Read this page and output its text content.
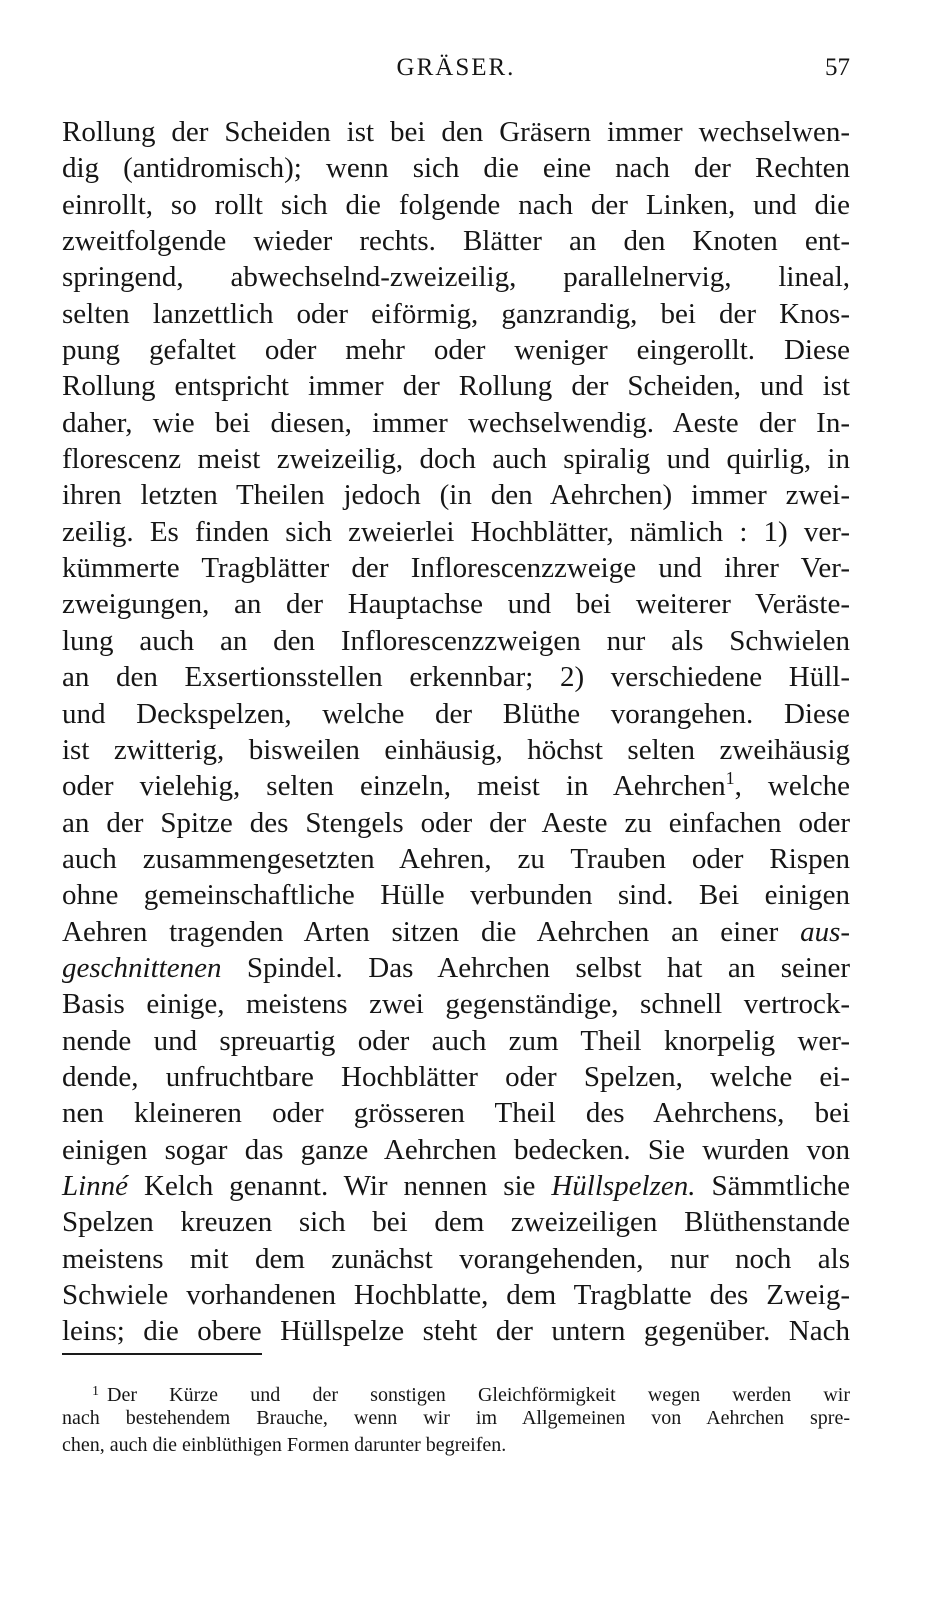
GRÄSER.	57
Rollung der Scheiden ist bei den Gräsern immer wechselwen-
dig (antidromisch); wenn sich die eine nach der Rechten
einrollt, so rollt sich die folgende nach der Linken, und die
zweitfolgende wieder rechts. Blätter an den Knoten ent-
springend, abwechselnd-zweizeilig, parallelnervig, lineal,
selten lanzettlich oder eiförmig, ganzrandig, bei der Knos-
pung gefaltet oder mehr oder weniger eingerollt. Diese
Rollung entspricht immer der Rollung der Scheiden, und ist
daher, wie bei diesen, immer wechselwendig. Aeste der In-
florescenz meist zweizeilig, doch auch spiralig und quirlig, in
ihren letzten Theilen jedoch (in den Aehrchen) immer zwei-
zeilig. Es finden sich zweierlei Hochblätter, nämlich : 1) ver-
kümmerte Tragblätter der Inflorescenzzweige und ihrer Ver-
zweigungen, an der Hauptachse und bei weiterer Veräste-
lung auch an den Inflorescenzzweigen nur als Schwielen
an den Exsertionsstellen erkennbar; 2) verschiedene Hüll-
und Deckspelzen, welche der Blüthe vorangehen. Diese
ist zwitterig, bisweilen einhäusig, höchst selten zweihäusig
oder vielehig, selten einzeln, meist in Aehrchen$^1$, welche
an der Spitze des Stengels oder der Aeste zu einfachen oder
auch zusammengesetzten Aehren, zu Trauben oder Rispen
ohne gemeinschaftliche Hülle verbunden sind. Bei einigen
Aehren tragenden Arten sitzen die Aehrchen an einer aus-
geschnittenen Spindel. Das Aehrchen selbst hat an seiner
Basis einige, meistens zwei gegenständige, schnell vertrock-
nende und spreuartig oder auch zum Theil knorpelig wer-
dende, unfruchtbare Hochblätter oder Spelzen, welche ei-
nen kleineren oder grösseren Theil des Aehrchens, bei
einigen sogar das ganze Aehrchen bedecken. Sie wurden von
Linné Kelch genannt. Wir nennen sie Hüllspelzen. Sämmtliche
Spelzen kreuzen sich bei dem zweizeiligen Blüthenstande
meistens mit dem zunächst vorangehenden, nur noch als
Schwiele vorhandenen Hochblatte, dem Tragblatte des Zweig-
leins; die obere Hüllspelze steht der untern gegenüber. Nach
$^1$ Der Kürze und der sonstigen Gleichförmigkeit wegen werden wir
nach bestehendem Brauche, wenn wir im Allgemeinen von Aehrchen spre-
chen, auch die einblüthigen Formen darunter begreifen.
